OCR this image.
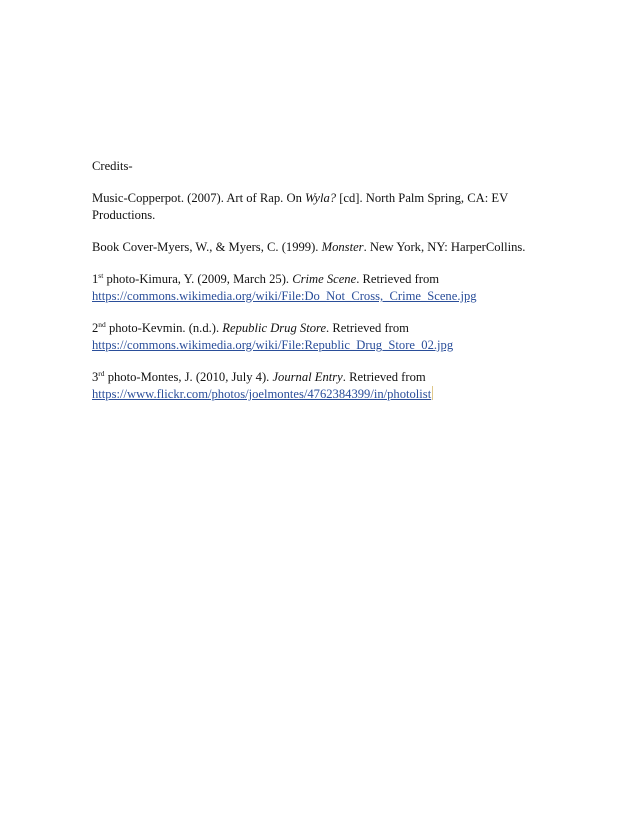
Credits-

Music-Copperpot. (2007). Art of Rap. On Wyla? [cd]. North Palm Spring, CA: EV
Productions.

Book Cover-Myers, W., & Myers, C. (1999). Monster. New York, NY: HarperCollins.

1st photo-Kimura, Y. (2009, March 25). Crime Scene. Retrieved from
https://commons.wikimedia.org/wiki/File:Do_Not_Cross,_Crime_Scene.jpg

2nd photo-Kevmin. (n.d.). Republic Drug Store. Retrieved from
https://commons.wikimedia.org/wiki/File:Republic_Drug_Store_02.jpg

3rd photo-Montes, J. (2010, July 4). Journal Entry. Retrieved from
https://www.flickr.com/photos/joelmontes/4762384399/in/photolist
